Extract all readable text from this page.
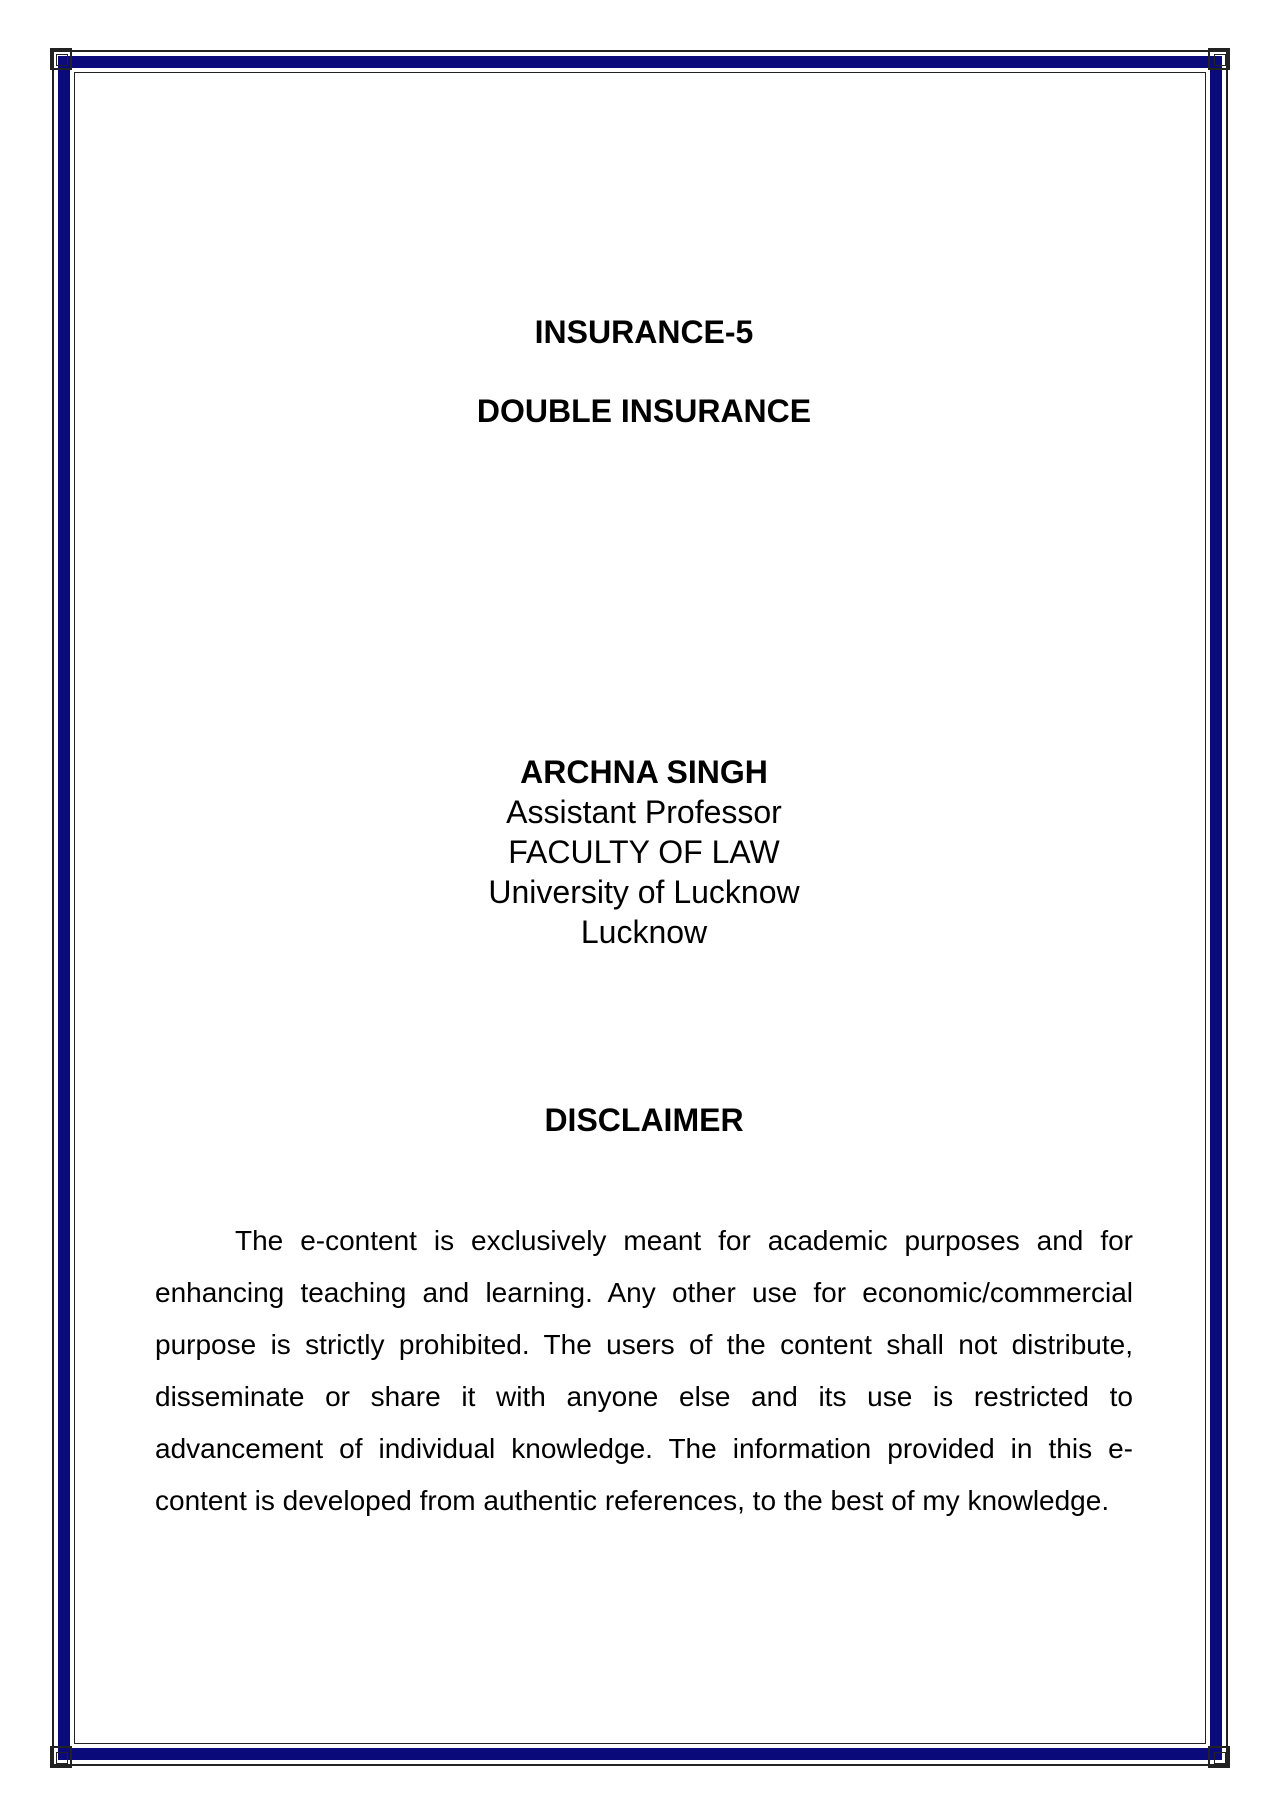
INSURANCE-5
DOUBLE INSURANCE
ARCHNA SINGH
Assistant Professor
FACULTY OF LAW
University of Lucknow
Lucknow
DISCLAIMER

The e-content is exclusively meant for academic purposes and for enhancing teaching and learning. Any other use for economic/commercial purpose is strictly prohibited. The users of the content shall not distribute, disseminate or share it with anyone else and its use is restricted to advancement of individual knowledge. The information provided in this e-content is developed from authentic references, to the best of my knowledge.
